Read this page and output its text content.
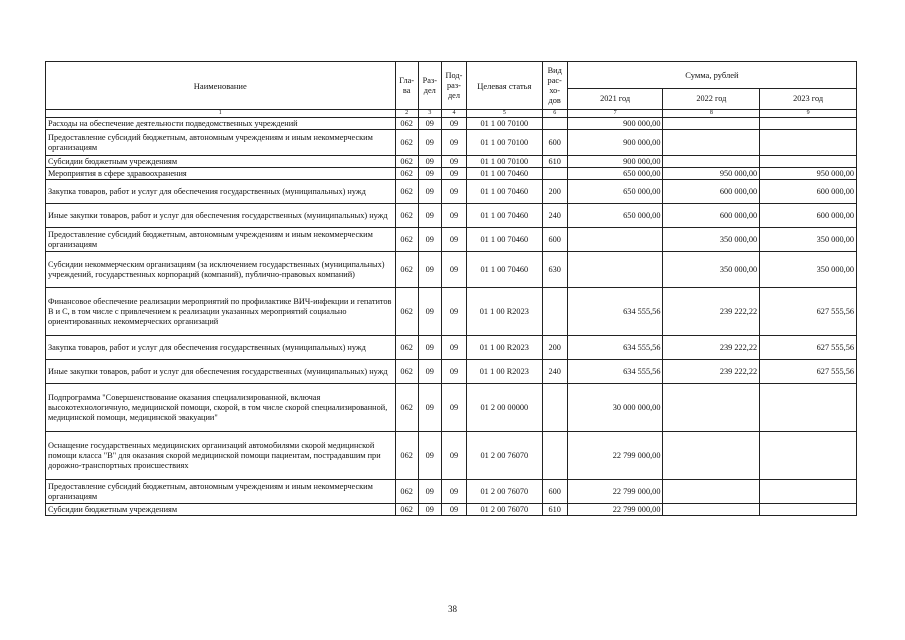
Наименование	Гла-ва	Раз-дел	Под-раз-дел	Целевая статья	Вид рас-хо-дов	Сумма, рублей		
						2021 год	2022 год	2023 год
1	2	3	4	5	6	7	8	9
Расходы на обеспечение деятельности подведомственных учреждений	062	09	09	01 1 00 70100		900 000,00		
Предоставление субсидий бюджетным, автономным учреждениям и иным некоммерческим организациям	062	09	09	01 1 00 70100	600	900 000,00		
Субсидии бюджетным учреждениям	062	09	09	01 1 00 70100	610	900 000,00		
Мероприятия в сфере здравоохранения	062	09	09	01 1 00 70460		650 000,00	950 000,00	950 000,00
Закупка товаров, работ и услуг для обеспечения государственных (муниципальных) нужд	062	09	09	01 1 00 70460	200	650 000,00	600 000,00	600 000,00
Иные закупки товаров, работ и услуг для обеспечения государственных (муниципальных) нужд	062	09	09	01 1 00 70460	240	650 000,00	600 000,00	600 000,00
Предоставление субсидий бюджетным, автономным учреждениям и иным некоммерческим организациям	062	09	09	01 1 00 70460	600		350 000,00	350 000,00
Субсидии некоммерческим организациям (за исключением государственных (муниципальных) учреждений, государственных корпораций (компаний), публично-правовых компаний)	062	09	09	01 1 00 70460	630		350 000,00	350 000,00
Финансовое обеспечение реализации мероприятий по профилактике ВИЧ-инфекции и гепатитов B и C, в том числе с привлечением к реализации указанных мероприятий социально ориентированных некоммерческих организаций	062	09	09	01 1 00 R2023		634 555,56	239 222,22	627 555,56
Закупка товаров, работ и услуг для обеспечения государственных (муниципальных) нужд	062	09	09	01 1 00 R2023	200	634 555,56	239 222,22	627 555,56
Иные закупки товаров, работ и услуг для обеспечения государственных (муниципальных) нужд	062	09	09	01 1 00 R2023	240	634 555,56	239 222,22	627 555,56
Подпрограмма "Совершенствование оказания специализированной, включая высокотехнологичную, медицинской помощи, скорой, в том числе скорой специализированной, медицинской помощи, медицинской эвакуации"	062	09	09	01 2 00 00000		30 000 000,00		
Оснащение государственных медицинских организаций автомобилями скорой медицинской помощи класса "B" для оказания скорой медицинской помощи пациентам, пострадавшим при дорожно-транспортных происшествиях	062	09	09	01 2 00 76070		22 799 000,00		
Предоставление субсидий бюджетным, автономным учреждениям и иным некоммерческим организациям	062	09	09	01 2 00 76070	600	22 799 000,00		
Субсидии бюджетным учреждениям	062	09	09	01 2 00 76070	610	22 799 000,00		
38
